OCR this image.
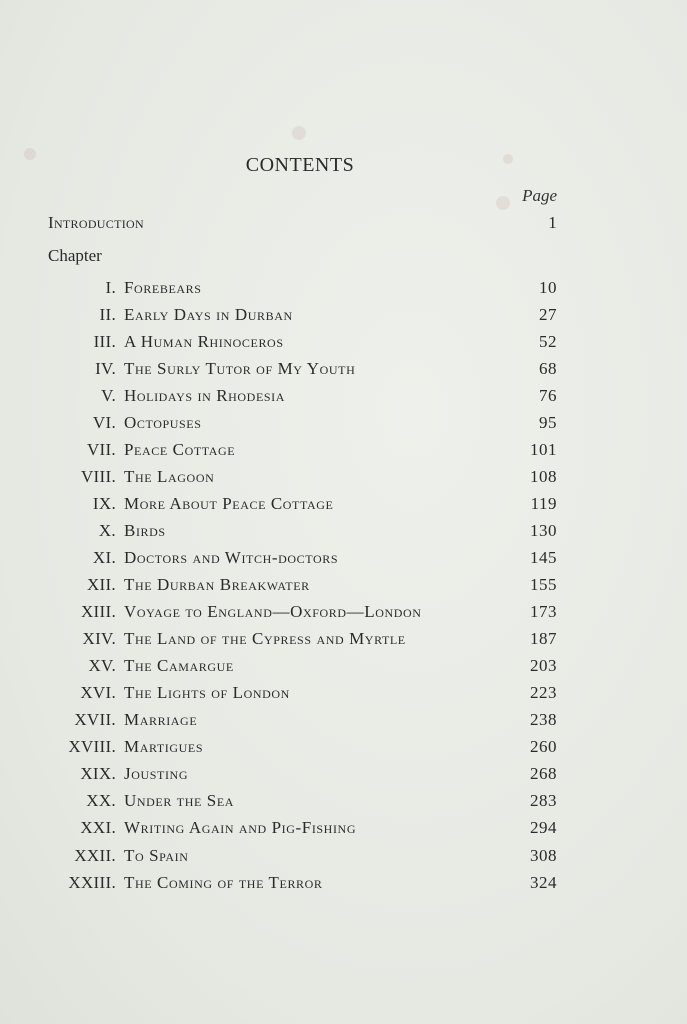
CONTENTS
Page
Introduction	1
Chapter
I. Forebears	10
II. Early Days in Durban	27
III. A Human Rhinoceros	52
IV. The Surly Tutor of My Youth	68
V. Holidays in Rhodesia	76
VI. Octopuses	95
VII. Peace Cottage	101
VIII. The Lagoon	108
IX. More About Peace Cottage	119
X. Birds	130
XI. Doctors and Witch-doctors	145
XII. The Durban Breakwater	155
XIII. Voyage to England—Oxford—London	173
XIV. The Land of the Cypress and Myrtle	187
XV. The Camargue	203
XVI. The Lights of London	223
XVII. Marriage	238
XVIII. Martigues	260
XIX. Jousting	268
XX. Under the Sea	283
XXI. Writing Again and Pig-Fishing	294
XXII. To Spain	308
XXIII. The Coming of the Terror	324
